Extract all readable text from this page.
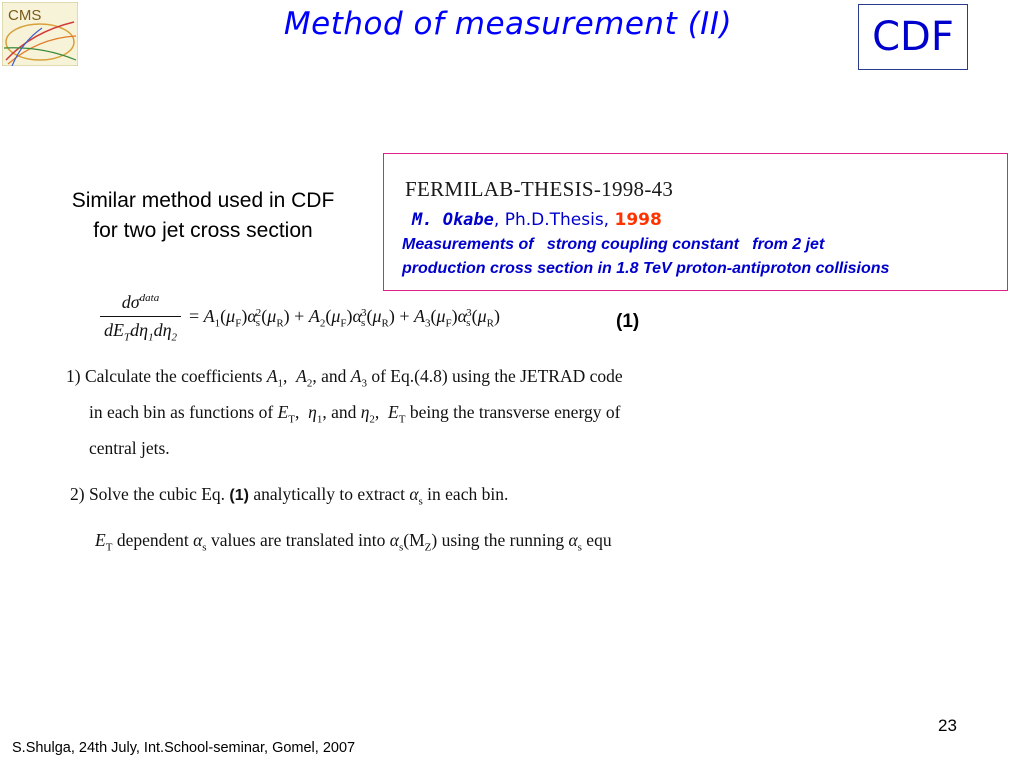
CMS	Method of measurement (II)	CDF
Similar method used in CDF
for two jet cross section
FERMILAB-THESIS-1998-43
M. Okabe, Ph.D.Thesis, 1998
Measurements of   strong coupling constant   from 2 jet
production cross section in 1.8 TeV proton-antiproton collisions
$\frac{d\sigma^{data}}{dE_Td\eta_1d\eta_2} = A_1(\mu_F)\alpha$ 2
s $(\mu_R) + A_2(\mu_F)\alpha$ 3
s $(\mu_R) + A_3(\mu_F)\alpha$ 3
s $(\mu_R)$	(1)
1) Calculate the coefficients $A_1$,  $A_2$, and $A_3$ of Eq.(4.8) using the JETRAD code
in each bin as functions of $E_T$,  $\eta_1$, and $\eta_2$,  $E_T$ being the transverse energy of
central jets.
2) Solve the cubic Eq. (1) analytically to extract $\alpha_s$ in each bin.
$E_T$ dependent $\alpha_s$ values are translated into $\alpha_s(M_Z)$ using the running $\alpha_s$ equ
23
S.Shulga, 24th July, Int.School-seminar, Gomel, 2007
